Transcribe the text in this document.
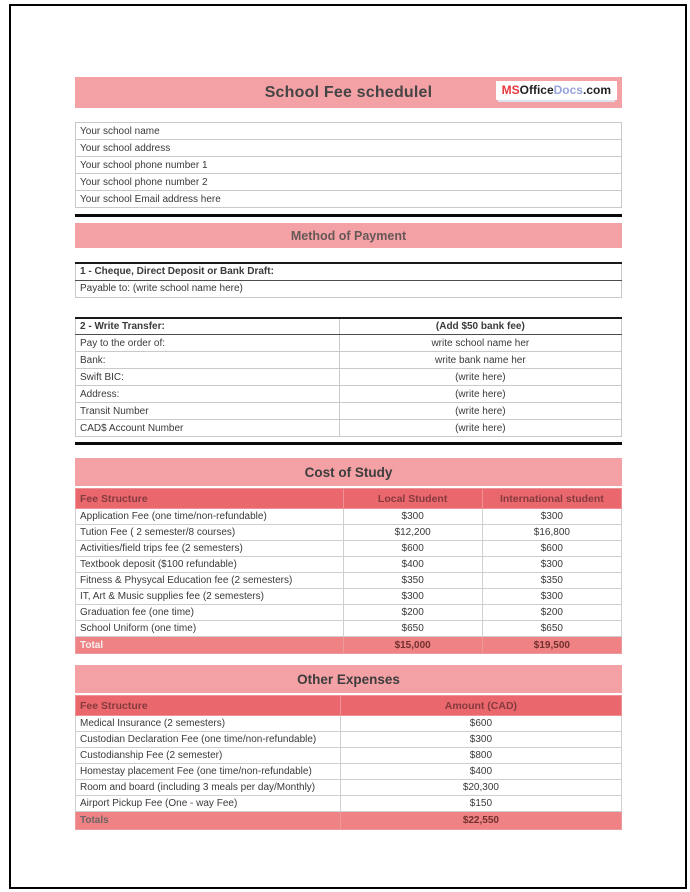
School Fee schedulel	MSOfficeDocs.com
Your school name
Your school address
Your school phone number 1
Your school phone number 2
Your school Email address here
Method of Payment
1 - Cheque, Direct Deposit or Bank Draft:
Payable to: (write school name here)
2 - Write Transfer:	(Add $50 bank fee)
Pay to the order of:	write school name her
Bank:	write bank name her
Swift BIC:	(write here)
Address:	(write here)
Transit Number	(write here)
CAD$ Account Number	(write here)
Cost of Study
Fee Structure	Local Student	International student
Application Fee (one time/non-refundable)	$300	$300
Tution Fee ( 2 semester/8 courses)	$12,200	$16,800
Activities/field trips fee (2 semesters)	$600	$600
Textbook deposit ($100 refundable)	$400	$300
Fitness & Physycal Education fee (2 semesters)	$350	$350
IT, Art & Music supplies fee (2 semesters)	$300	$300
Graduation fee (one time)	$200	$200
School Uniform (one time)	$650	$650
Total	$15,000	$19,500
Other Expenses
Fee Structure	Amount (CAD)
Medical Insurance (2 semesters)	$600
Custodian Declaration Fee (one time/non-refundable)	$300
Custodianship Fee (2 semester)	$800
Homestay placement Fee (one time/non-refundable)	$400
Room and board (including 3 meals per day/Monthly)	$20,300
Airport Pickup Fee (One - way Fee)	$150
Totals	$22,550
